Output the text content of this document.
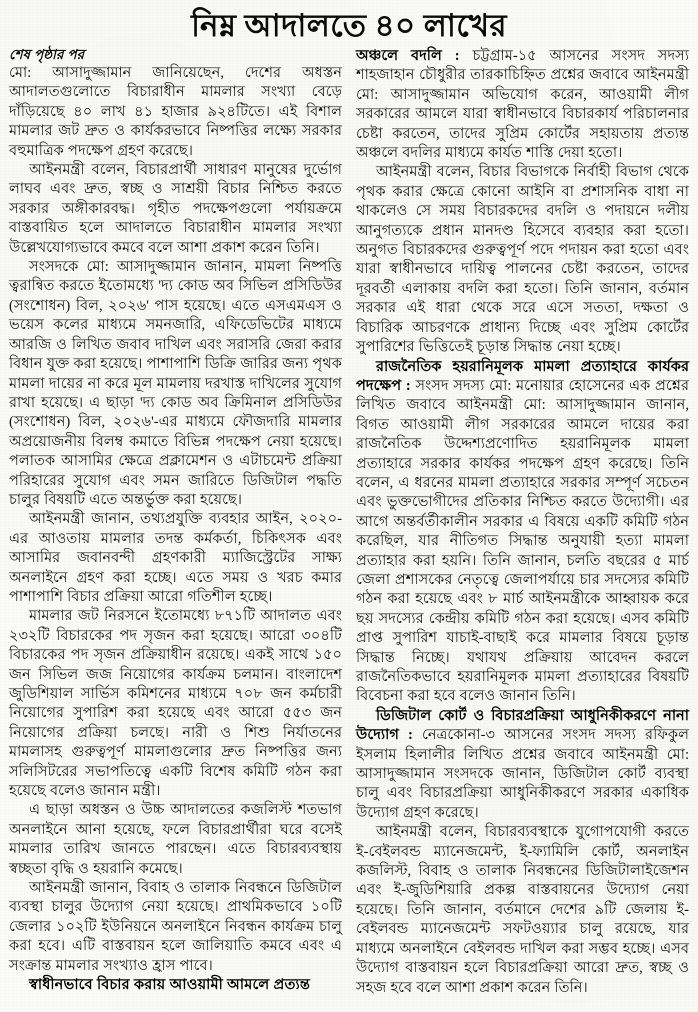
নিম্ন আদালতে ৪০ লাখের
শেষ পৃষ্ঠার পর

মো: আসাদুজ্জামান জানিয়েছেন, দেশের অধস্তন আদালতগুলোতে বিচারাধীন মামলার সংখ্যা বেড়ে দাঁড়িয়েছে ৪০ লাখ ৪১ হাজার ৯২৪টিতে। এই বিশাল মামলার জট দ্রুত ও কার্যকরভাবে নিষ্পত্তির লক্ষ্যে সরকার বহুমাত্রিক পদক্ষেপ গ্রহণ করেছে।

আইনমন্ত্রী বলেন, বিচারপ্রার্থী সাধারণ মানুষের দুর্ভোগ লাঘব এবং দ্রুত, স্বচ্ছ ও সাশ্রয়ী বিচার নিশ্চিত করতে সরকার অঙ্গীকারবদ্ধ। গৃহীত পদক্ষেপগুলো পর্যায়ক্রমে বাস্তবায়িত হলে আদালতে বিচারাধীন মামলার সংখ্যা উল্লেখযোগ্যভাবে কমবে বলে আশা প্রকাশ করেন তিনি।

সংসদকে মো: আসাদুজ্জামান জানান, মামলা নিষ্পত্তি ত্বরান্বিত করতে ইতোমধ্যে 'দ্য কোড অব সিভিল প্রসিডিউর (সংশোধন) বিল, ২০২৬' পাস হয়েছে। এতে এসএমএস ও ভয়েস কলের মাধ্যমে সমনজারি, এফিডেভিটের মাধ্যমে আরজি ও লিখিত জবাব দাখিল এবং সরাসরি জেরা করার বিধান যুক্ত করা হয়েছে। পাশাপাশি ডিক্রি জারির জন্য পৃথক মামলা দায়ের না করে মূল মামলায় দরখাস্ত দাখিলের সুযোগ রাখা হয়েছে। এ ছাড়া 'দ্য কোড অব ক্রিমিনাল প্রসিডিউর (সংশোধন) বিল, ২০২৬'-এর মাধ্যমে ফৌজদারি মামলার অপ্রয়োজনীয় বিলম্ব কমাতে বিভিন্ন পদক্ষেপ নেয়া হয়েছে। পলাতক আসামির ক্ষেত্রে প্রক্লামেশন ও এটাচমেন্ট প্রক্রিয়া পরিহারের সুযোগ এবং সমন জারিতে ডিজিটাল পদ্ধতি চালুর বিষয়টি এতে অন্তর্ভুক্ত করা হয়েছে।

আইনমন্ত্রী জানান, তথ্যপ্রযুক্তি ব্যবহার আইন, ২০২০-এর আওতায় মামলার তদন্ত কর্মকর্তা, চিকিৎসক এবং আসামির জবানবন্দী গ্রহণকারী ম্যাজিস্ট্রেটের সাক্ষ্য অনলাইনে গ্রহণ করা হচ্ছে। এতে সময় ও খরচ কমার পাশাপাশি বিচার প্রক্রিয়া আরো গতিশীল হচ্ছে।

মামলার জট নিরসনে ইতোমধ্যে ৮৭১টি আদালত এবং ২৩২টি বিচারকের পদ সৃজন করা হয়েছে। আরো ৩০৪টি বিচারকের পদ সৃজন প্রক্রিয়াধীন রয়েছে। একই সাথে ১৫০ জন সিভিল জজ নিয়োগের কার্যক্রম চলমান। বাংলাদেশ জুডিশিয়াল সার্ভিস কমিশনের মাধ্যমে ৭০৮ জন কর্মচারী নিয়োগের সুপারিশ করা হয়েছে এবং আরো ৫৫৩ জন নিয়োগের প্রক্রিয়া চলছে। নারী ও শিশু নির্যাতনের মামলাসহ গুরুত্বপূর্ণ মামলাগুলোর দ্রুত নিষ্পত্তির জন্য সলিসিটরের সভাপতিত্বে একটি বিশেষ কমিটি গঠন করা হয়েছে বলেও জানান মন্ত্রী।

এ ছাড়া অধস্তন ও উচ্চ আদালতের কজলিস্ট শতভাগ অনলাইনে আনা হয়েছে, ফলে বিচারপ্রার্থীরা ঘরে বসেই মামলার তারিখ জানতে পারছেন। এতে বিচারব্যবস্থায় স্বচ্ছতা বৃদ্ধি ও হয়রানি কমেছে।

আইনমন্ত্রী জানান, বিবাহ ও তালাক নিবন্ধনে ডিজিটাল ব্যবস্থা চালুর উদ্যোগ নেয়া হয়েছে। প্রাথমিকভাবে ১০টি জেলার ১০২টি ইউনিয়নে অনলাইনে নিবন্ধন কার্যক্রম চালু করা হবে। এটি বাস্তবায়ন হলে জালিয়াতি কমবে এবং এ সংক্রান্ত মামলার সংখ্যাও হ্রাস পাবে।

স্বাধীনভাবে বিচার করায় আওয়ামী আমলে প্রত্যন্ত

অঞ্চলে বদলি : চট্টগ্রাম-১৫ আসনের সংসদ সদস্য শাহজাহান চৌধুরীর তারকাচিহ্নিত প্রশ্নের জবাবে আইনমন্ত্রী মো: আসাদুজ্জামান অভিযোগ করেন, আওয়ামী লীগ সরকারের আমলে যারা স্বাধীনভাবে বিচারকার্য পরিচালনার চেষ্টা করতেন, তাদের সুপ্রিম কোর্টের সহায়তায় প্রত্যন্ত অঞ্চলে বদলির মাধ্যমে কার্যত শাস্তি দেয়া হতো।

আইনমন্ত্রী বলেন, বিচার বিভাগকে নির্বাহী বিভাগ থেকে পৃথক করার ক্ষেত্রে কোনো আইনি বা প্রশাসনিক বাধা না থাকলেও সে সময় বিচারকদের বদলি ও পদায়নে দলীয় আনুগত্যকে প্রধান মানদণ্ড হিসেবে ব্যবহার করা হতো। অনুগত বিচারকদের গুরুত্বপূর্ণ পদে পদায়ন করা হতো এবং যারা স্বাধীনভাবে দায়িত্ব পালনের চেষ্টা করতেন, তাদের দূরবর্তী এলাকায় বদলি করা হতো। তিনি জানান, বর্তমান সরকার এই ধারা থেকে সরে এসে সততা, দক্ষতা ও বিচারিক আচরণকে প্রাধান্য দিচ্ছে এবং সুপ্রিম কোর্টের সুপারিশের ভিত্তিতেই চূড়ান্ত সিদ্ধান্ত নেয়া হচ্ছে।

রাজনৈতিক হয়রানিমূলক মামলা প্রত্যাহারে কার্যকর পদক্ষেপ : সংসদ সদস্য মো: মনোয়ার হোসেনের এক প্রশ্নের লিখিত জবাবে আইনমন্ত্রী মো: আসাদুজ্জামান জানান, বিগত আওয়ামী লীগ সরকারের আমলে দায়ের করা রাজনৈতিক উদ্দেশ্যপ্রণোদিত হয়রানিমূলক মামলা প্রত্যাহারে সরকার কার্যকর পদক্ষেপ গ্রহণ করেছে। তিনি বলেন, এ ধরনের মামলা প্রত্যাহারে সরকার সম্পূর্ণ সচেতন এবং ভুক্তভোগীদের প্রতিকার নিশ্চিত করতে উদ্যোগী। এর আগে অন্তর্বর্তীকালীন সরকার এ বিষয়ে একটি কমিটি গঠন করেছিল, যার নীতিগত সিদ্ধান্ত অনুযায়ী হত্যা মামলা প্রত্যাহার করা হয়নি। তিনি জানান, চলতি বছরের ৫ মার্চ জেলা প্রশাসকের নেতৃত্বে জেলাপর্যায়ে চার সদস্যের কমিটি গঠন করা হয়েছে এবং ৮ মার্চ আইনমন্ত্রীকে আহ্বায়ক করে ছয় সদস্যের কেন্দ্রীয় কমিটি গঠন করা হয়েছে। এসব কমিটি প্রাপ্ত সুপারিশ যাচাই-বাছাই করে মামলার বিষয়ে চূড়ান্ত সিদ্ধান্ত নিচ্ছে। যথাযথ প্রক্রিয়ায় আবেদন করলে রাজনৈতিকভাবে হয়রানিমূলক মামলা প্রত্যাহারের বিষয়টি বিবেচনা করা হবে বলেও জানান তিনি।

ডিজিটাল কোর্ট ও বিচারপ্রক্রিয়া আধুনিকীকরণে নানা উদ্যোগ : নেত্রকোনা-৩ আসনের সংসদ সদস্য রফিকুল ইসলাম হিলালীর লিখিত প্রশ্নের জবাবে আইনমন্ত্রী মো: আসাদুজ্জামান সংসদকে জানান, ডিজিটাল কোর্ট ব্যবস্থা চালু এবং বিচারপ্রক্রিয়া আধুনিকীকরণে সরকার একাধিক উদ্যোগ গ্রহণ করেছে।

আইনমন্ত্রী বলেন, বিচারব্যবস্থাকে যুগোপযোগী করতে ই-বেইলবন্ড ম্যানেজমেন্ট, ই-ফ্যামিলি কোর্ট, অনলাইন কজলিস্ট, বিবাহ ও তালাক নিবন্ধনের ডিজিটালাইজেশন এবং ই-জুডিশিয়ারি প্রকল্প বাস্তবায়নের উদ্যোগ নেয়া হয়েছে। তিনি জানান, বর্তমানে দেশের ৯টি জেলায় ই-বেইলবন্ড ম্যানেজমেন্ট সফটওয়্যার চালু রয়েছে, যার মাধ্যমে অনলাইনে বেইলবন্ড দাখিল করা সম্ভব হচ্ছে। এসব উদ্যোগ বাস্তবায়ন হলে বিচারপ্রক্রিয়া আরো দ্রুত, স্বচ্ছ ও সহজ হবে বলে আশা প্রকাশ করেন তিনি।
